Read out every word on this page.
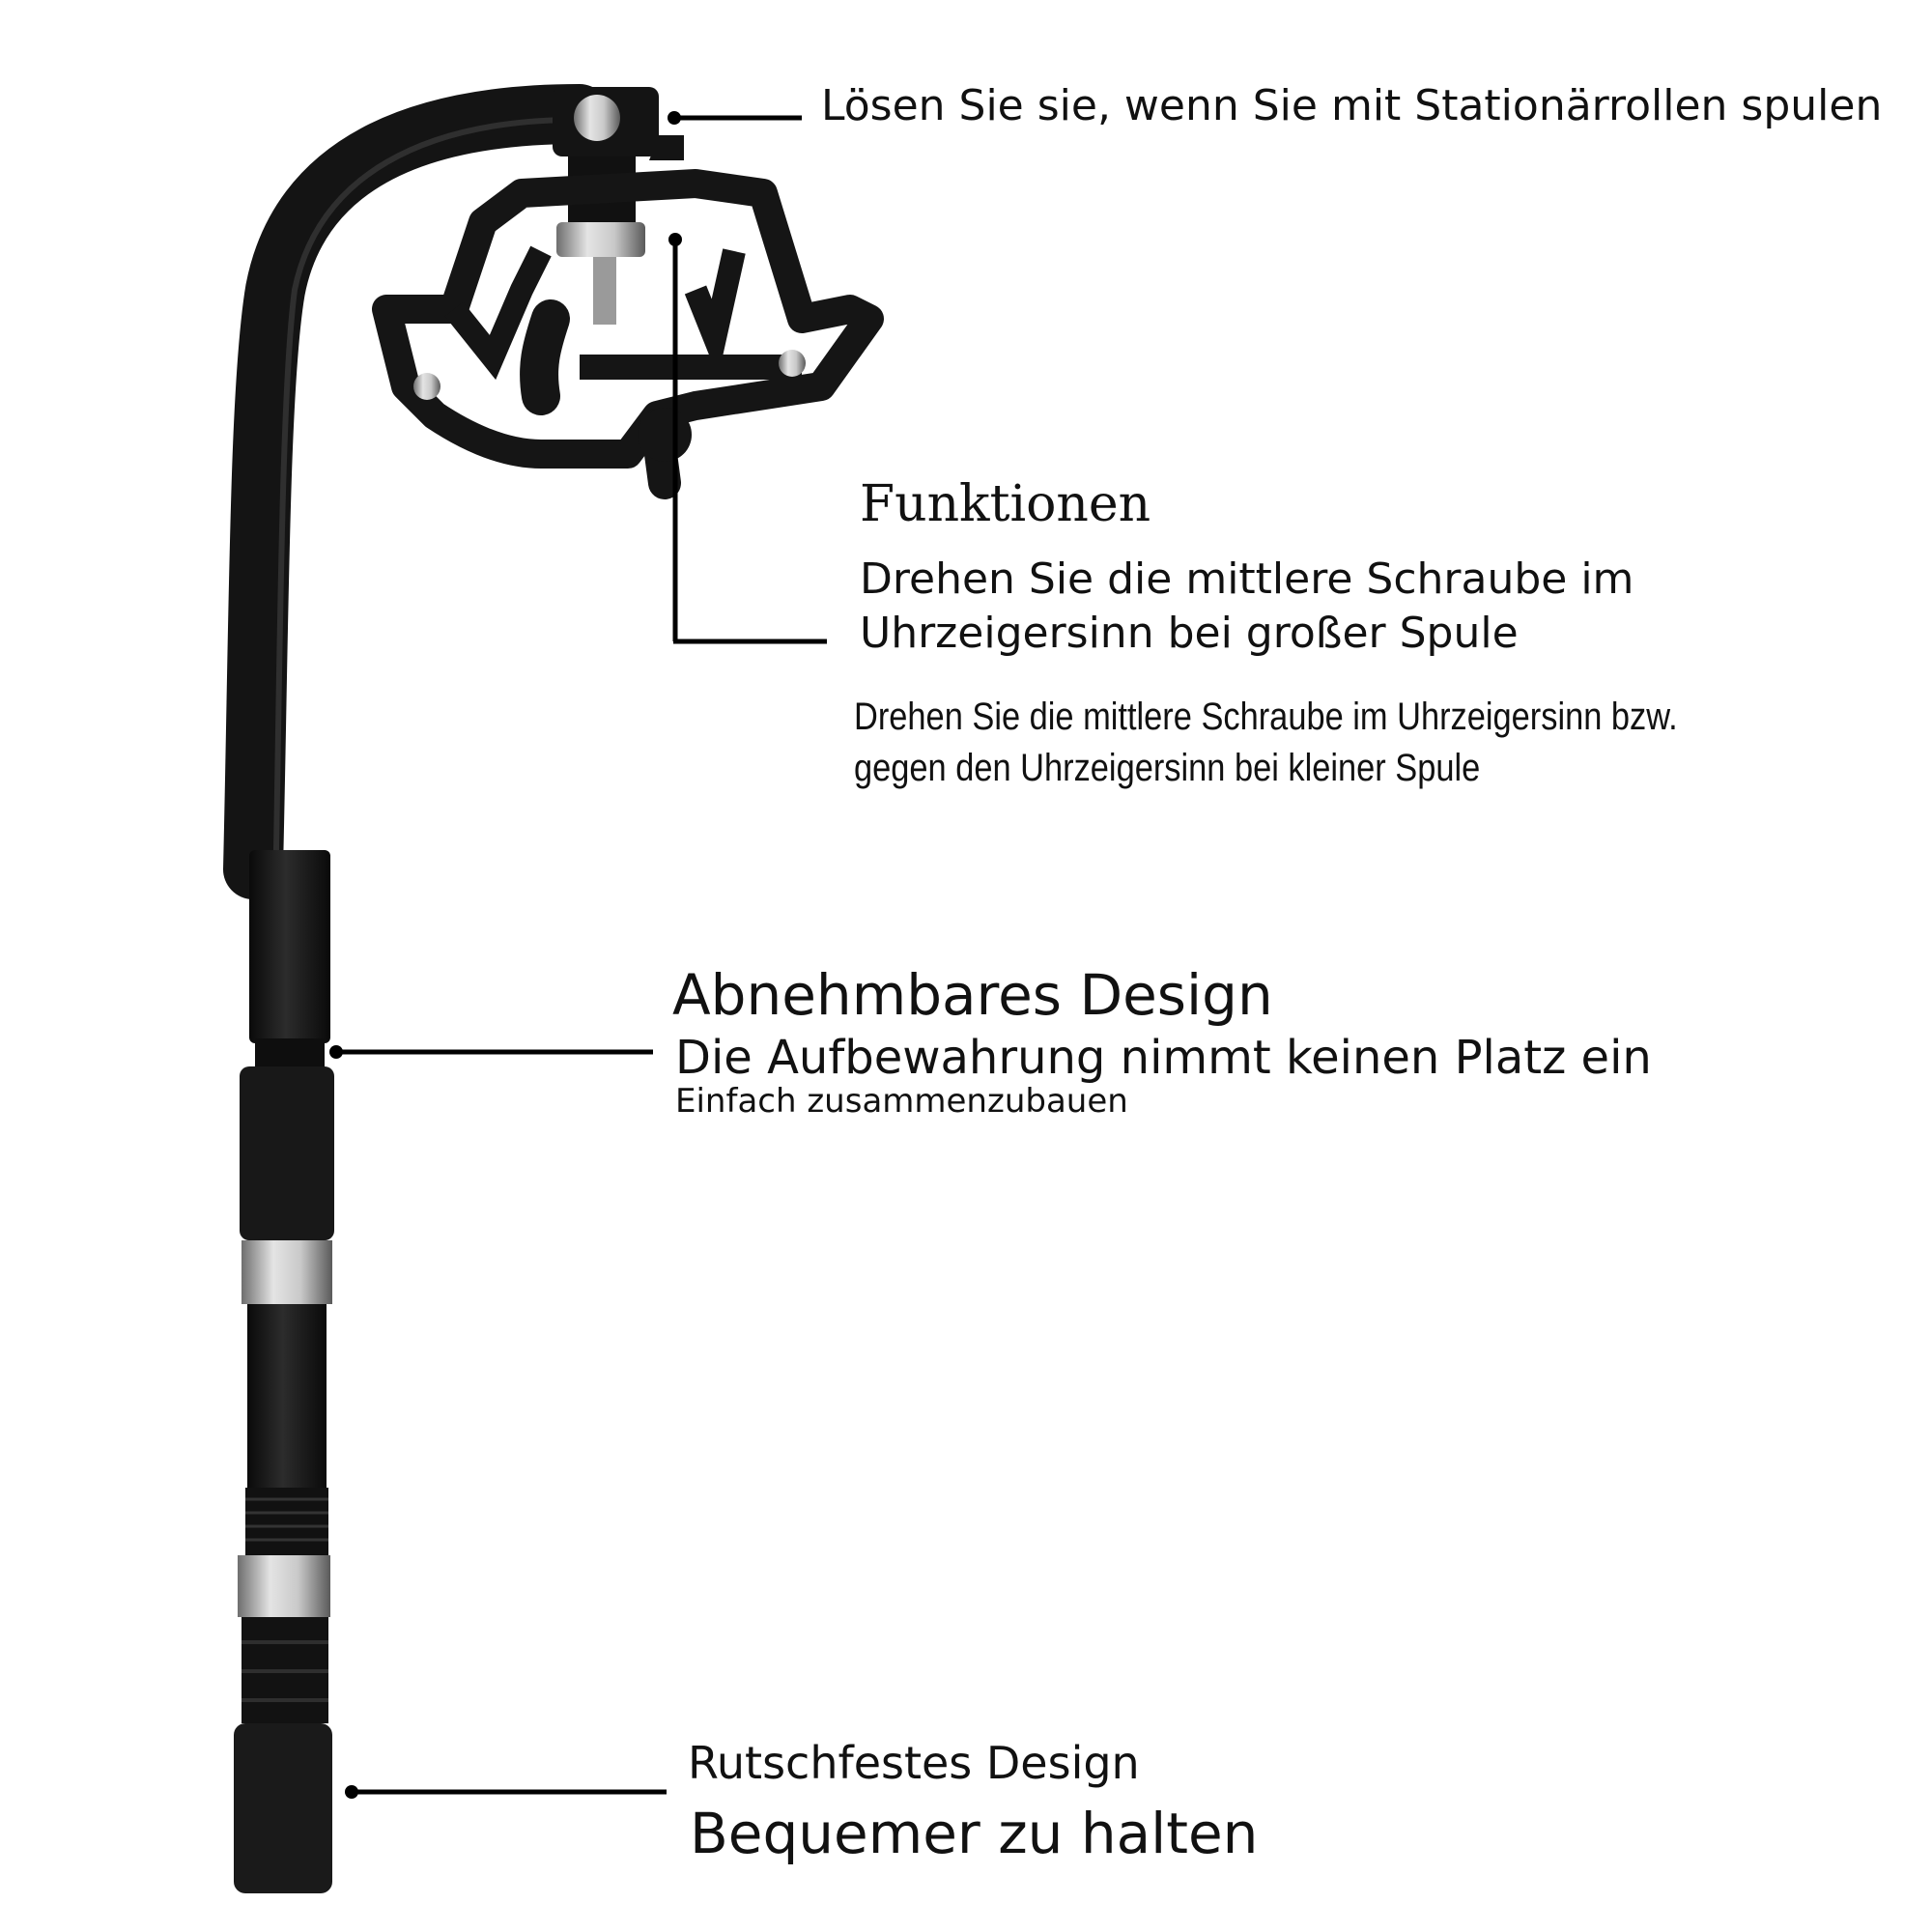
Lösen Sie sie, wenn Sie mit Stationärrollen spulen
Funktionen
Drehen Sie die mittlere Schraube im
Uhrzeigersinn bei großer Spule
Drehen Sie die mittlere Schraube im Uhrzeigersinn bzw.
gegen den Uhrzeigersinn bei kleiner Spule
Abnehmbares Design
Die Aufbewahrung nimmt keinen Platz ein
Einfach zusammenzubauen
Rutschfestes Design
Bequemer zu halten
